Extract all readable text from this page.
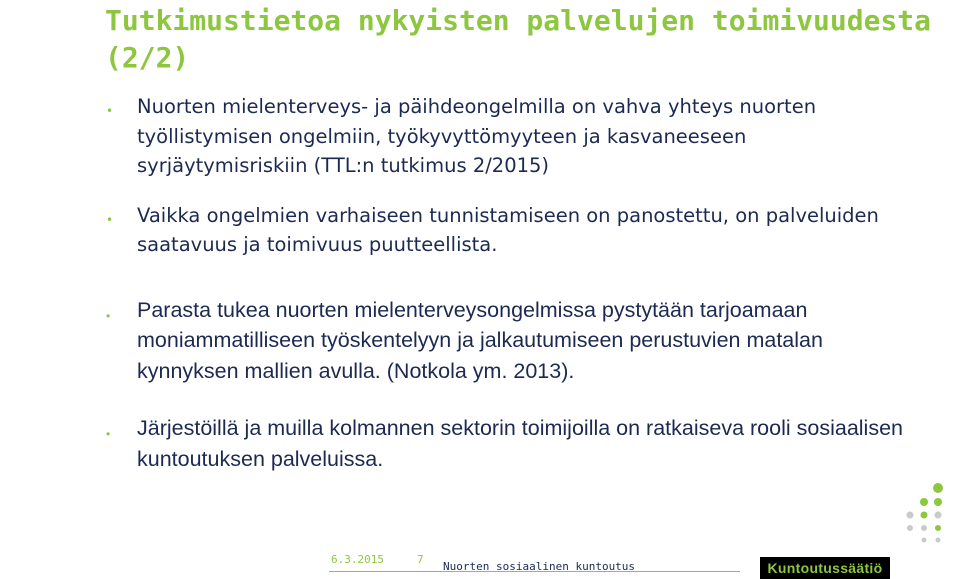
Tutkimustietoa nykyisten palvelujen toimivuudesta (2/2)
• Nuorten mielenterveys- ja päihdeongelmilla on vahva yhteys nuorten työllistymisen ongelmiin, työkyvyttömyyteen ja kasvaneeseen syrjäytymisriskiin (TTL:n tutkimus 2/2015)
• Vaikka ongelmien varhaiseen tunnistamiseen on panostettu, on palveluiden saatavuus ja toimivuus puutteellista.
• Parasta tukea nuorten mielenterveysongelmissa pystytään tarjoamaan moniammatilliseen työskentelyyn ja jalkautumiseen perustuvien matalan kynnyksen mallien avulla. (Notkola ym. 2013).
• Järjestöillä ja muilla kolmannen sektorin toimijoilla on ratkaiseva rooli sosiaalisen kuntoutuksen palveluissa.
6.3.2015	7
Nuorten sosiaalinen kuntoutus	Kuntoutussäätiö
